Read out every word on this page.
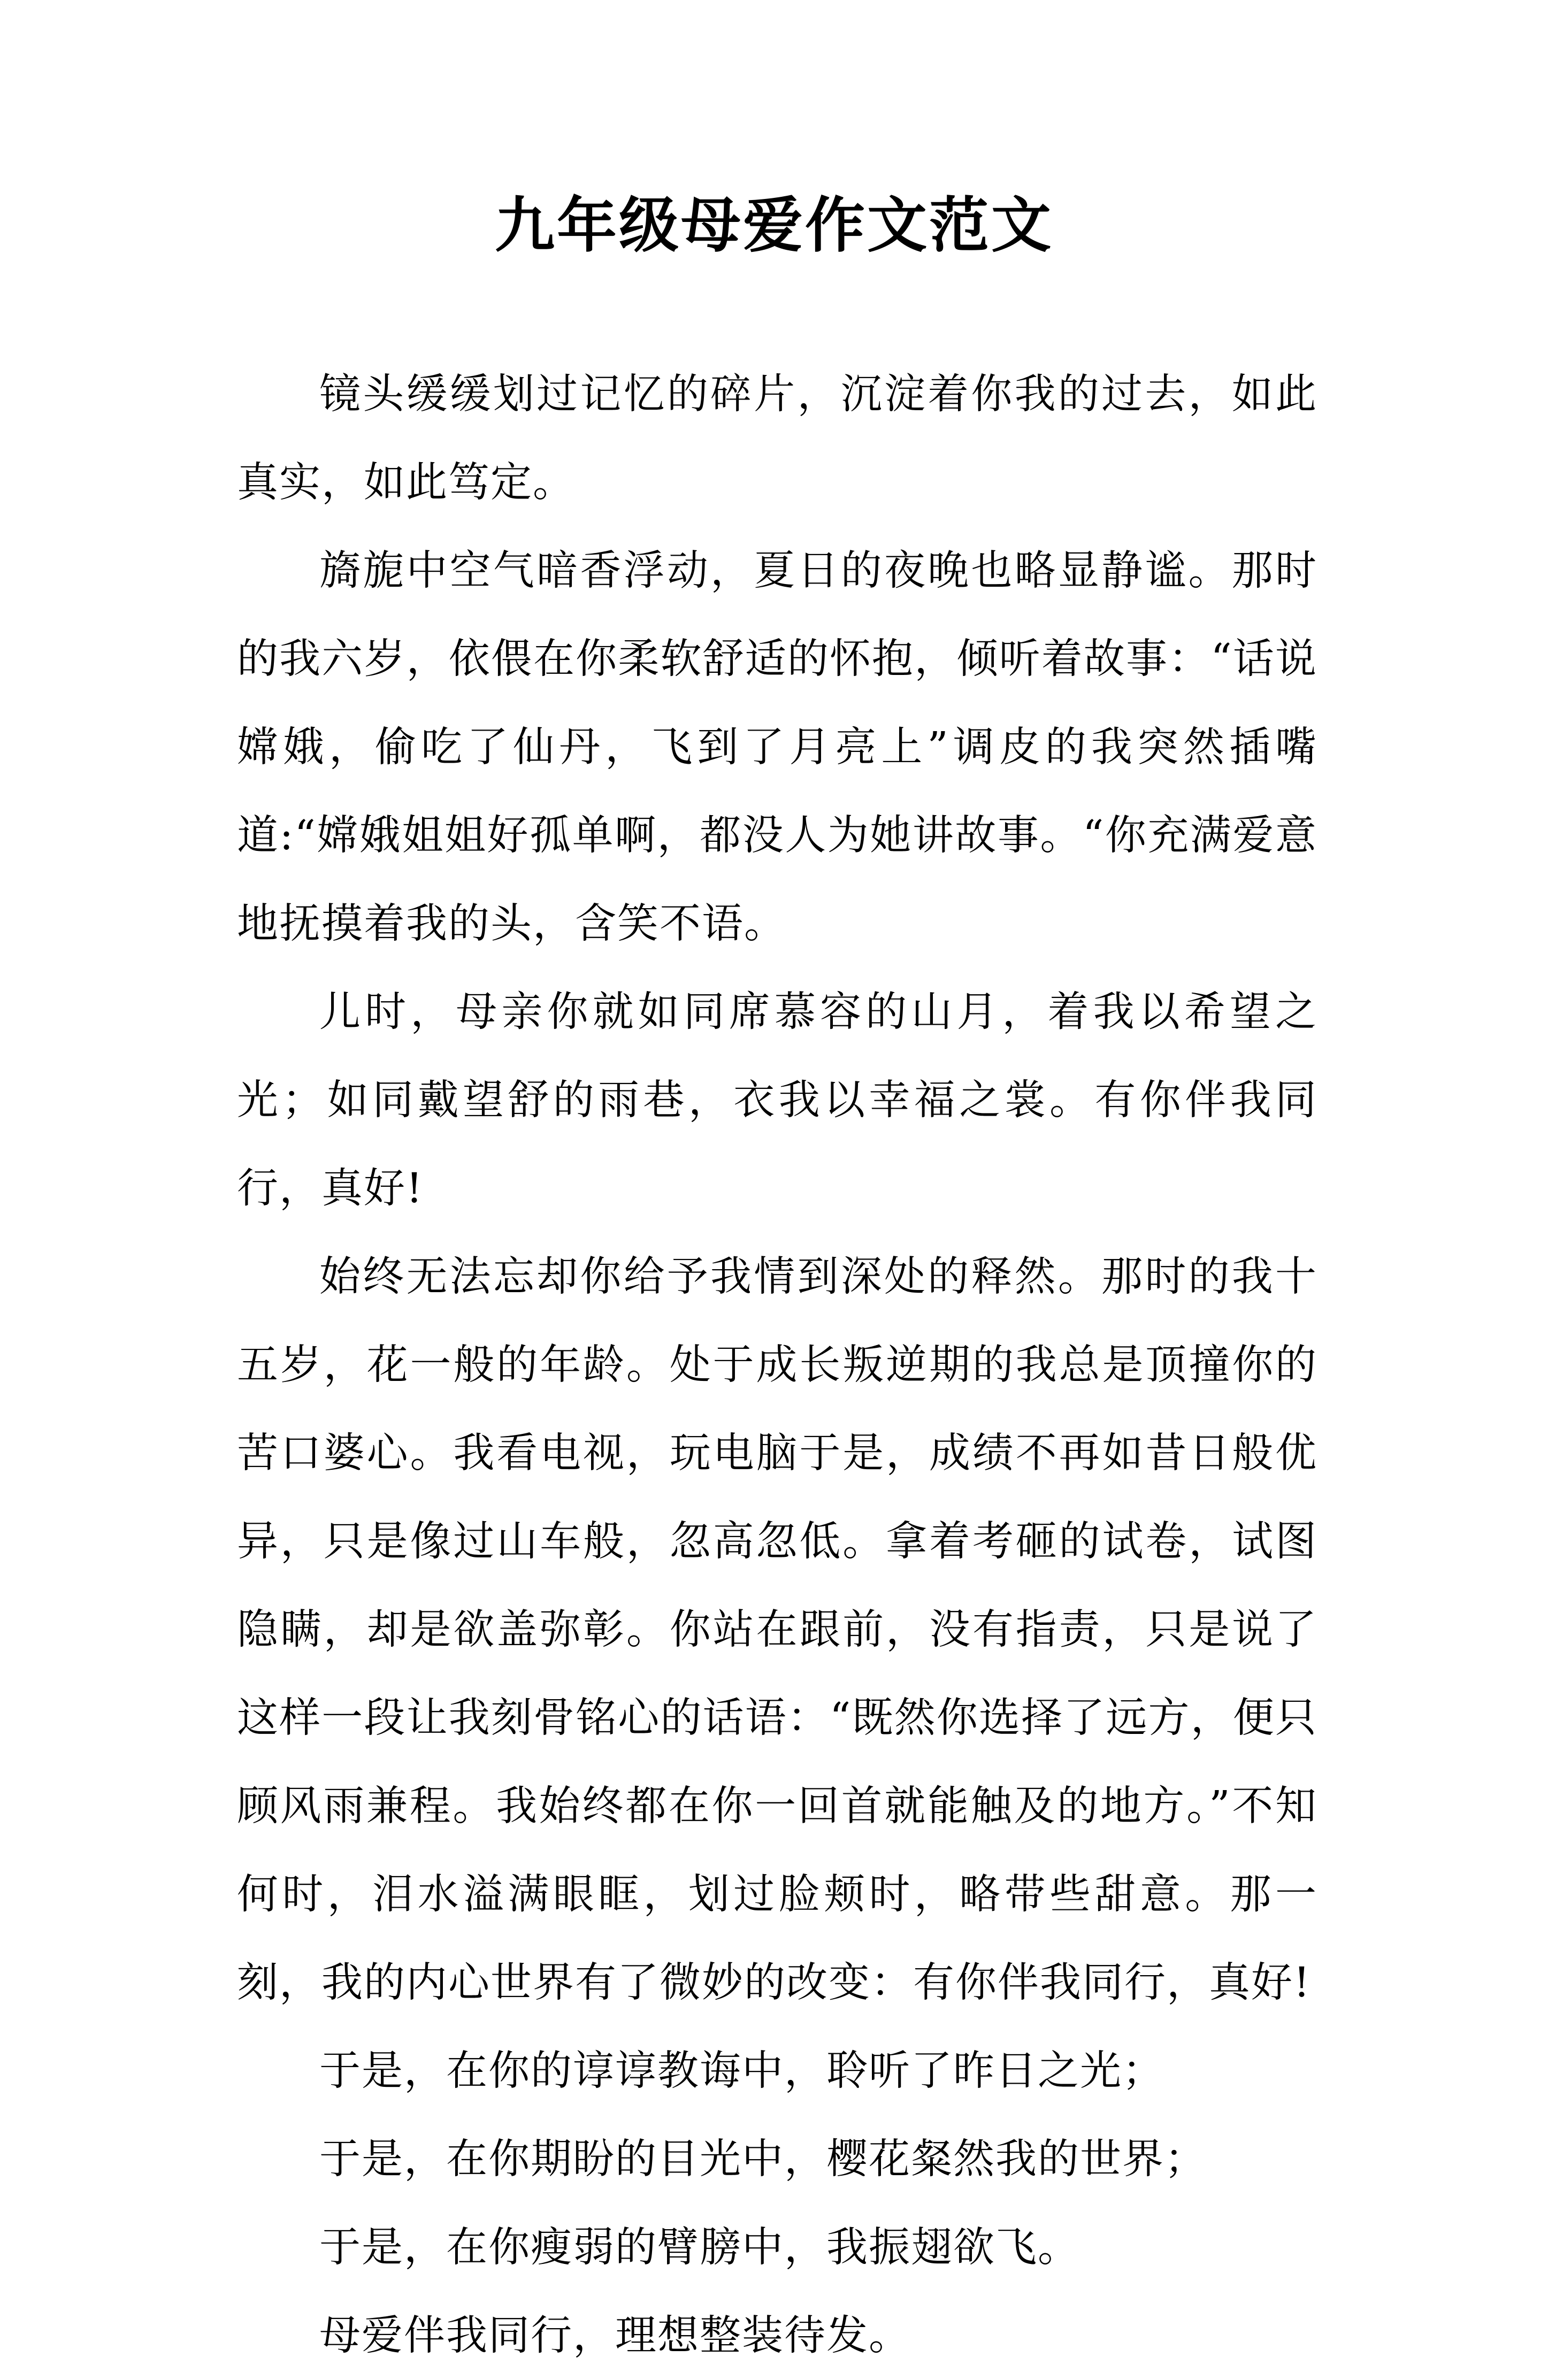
九年级母爱作文范文

镜头缓缓划过记忆的碎片，沉淀着你我的过去，如此真实，如此笃定。

旖旎中空气暗香浮动，夏日的夜晚也略显静谧。那时的我六岁，依偎在你柔软舒适的怀抱，倾听着故事：“话说嫦娥，偷吃了仙丹，飞到了月亮上”调皮的我突然插嘴道:“嫦娥姐姐好孤单啊，都没人为她讲故事。“你充满爱意地抚摸着我的头，含笑不语。

儿时，母亲你就如同席慕容的山月，着我以希望之光；如同戴望舒的雨巷，衣我以幸福之裳。有你伴我同行，真好!

始终无法忘却你给予我情到深处的释然。那时的我十五岁，花一般的年龄。处于成长叛逆期的我总是顶撞你的苦口婆心。我看电视，玩电脑于是，成绩不再如昔日般优异，只是像过山车般，忽高忽低。拿着考砸的试卷，试图隐瞒，却是欲盖弥彰。你站在跟前，没有指责，只是说了这样一段让我刻骨铭心的话语：“既然你选择了远方，便只顾风雨兼程。我始终都在你一回首就能触及的地方。”不知何时，泪水溢满眼眶，划过脸颊时，略带些甜意。那一刻，我的内心世界有了微妙的改变：有你伴我同行，真好!

于是，在你的谆谆教诲中，聆听了昨日之光；

于是，在你期盼的目光中，樱花粲然我的世界；

于是，在你瘦弱的臂膀中，我振翅欲飞。

母爱伴我同行，理想整装待发。
